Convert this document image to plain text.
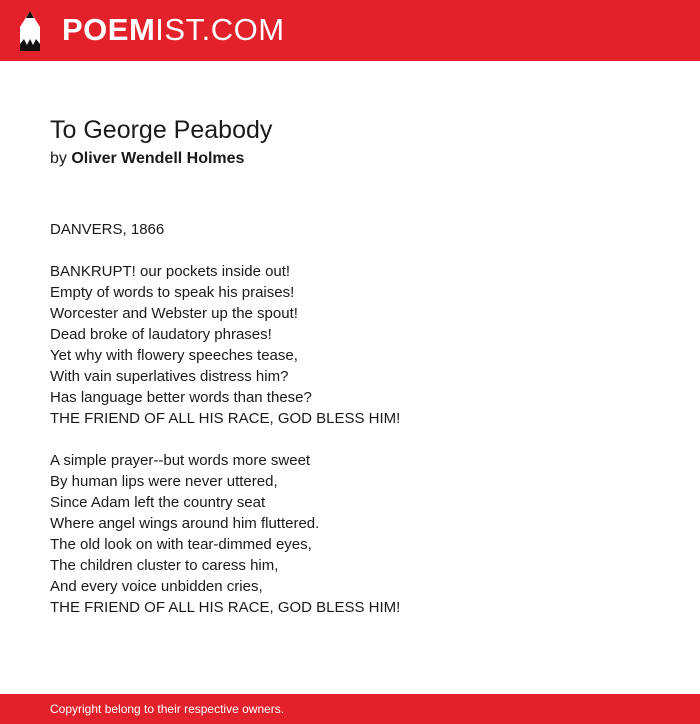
POEMIST.COM
To George Peabody
by Oliver Wendell Holmes
DANVERS, 1866
BANKRUPT! our pockets inside out!
Empty of words to speak his praises!
Worcester and Webster up the spout!
Dead broke of laudatory phrases!
Yet why with flowery speeches tease,
With vain superlatives distress him?
Has language better words than these?
THE FRIEND OF ALL HIS RACE, GOD BLESS HIM!
A simple prayer--but words more sweet
By human lips were never uttered,
Since Adam left the country seat
Where angel wings around him fluttered.
The old look on with tear-dimmed eyes,
The children cluster to caress him,
And every voice unbidden cries,
THE FRIEND OF ALL HIS RACE, GOD BLESS HIM!
Copyright belong to their respective owners.
